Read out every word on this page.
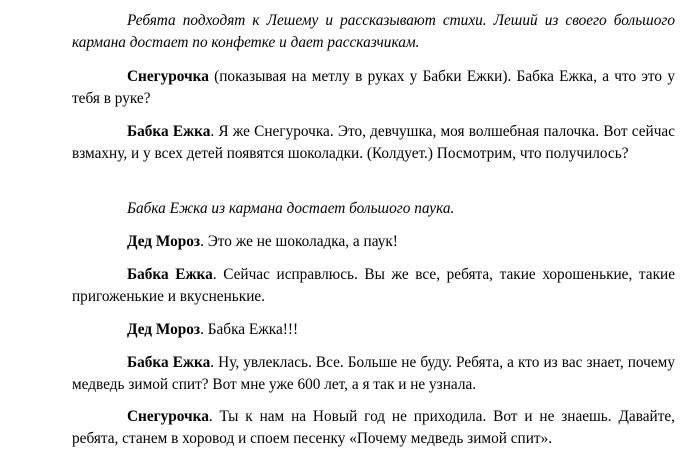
Ребята подходят к Лешему и рассказывают стихи. Леший из своего большого кармана достает по конфетке и дает рассказчикам.

Снегурочка (показывая на метлу в руках у Бабки Ежки). Бабка Ежка, а что это у тебя в руке?

Бабка Ежка. Я же Снегурочка. Это, девчушка, моя волшебная палочка. Вот сейчас взмахну, и у всех детей появятся шоколадки. (Колдует.) Посмотрим, что получилось?

Бабка Ежка из кармана достает большого паука.

Дед Мороз. Это же не шоколадка, а паук!

Бабка Ежка. Сейчас исправлюсь. Вы же все, ребята, такие хорошенькие, такие пригоженькие и вкусненькие.

Дед Мороз. Бабка Ежка!!!

Бабка Ежка. Ну, увлеклась. Все. Больше не буду. Ребята, а кто из вас знает, почему медведь зимой спит? Вот мне уже 600 лет, а я так и не узнала.

Снегурочка. Ты к нам на Новый год не приходила. Вот и не знаешь. Давайте, ребята, станем в хоровод и споем песенку «Почему медведь зимой спит».
